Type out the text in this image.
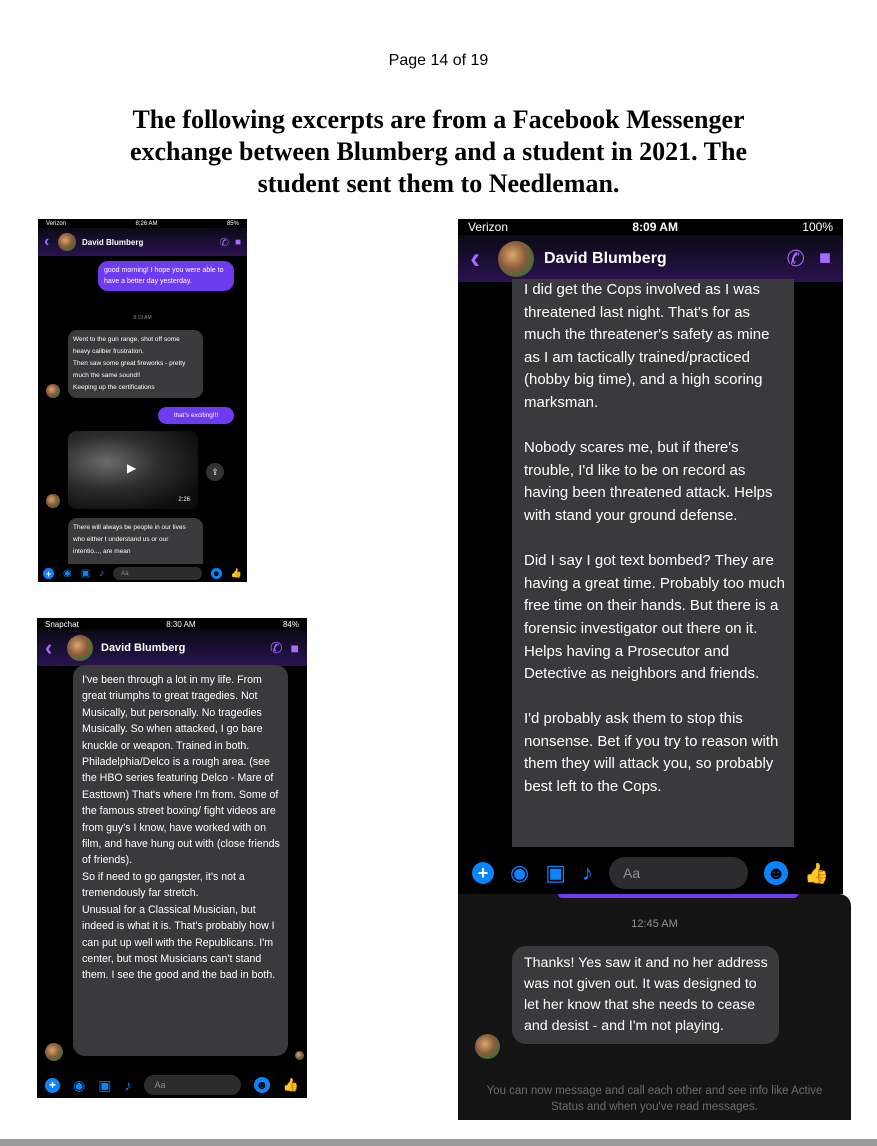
Page 14 of 19
The following excerpts are from a Facebook Messenger exchange between Blumberg and a student in 2021. The student sent them to Needleman.
Verizon	8:26 AM	85%
‹	David Blumberg	✆ ■
good morning! I hope you were able to have a better day yesterday.
8:19 AM
Went to the gun range, shot off some heavy caliber frustration.
Then saw some great fireworks - pretty much the same sound!!
Keeping up the certifications
that's exciting!!!
▶
2:26
⇪
There will always be people in our lives who either t understand us or our intentio..., are mean
+ ◉ ▣ ♪	Aa	☻ 👍
Verizon	8:09 AM	100%
‹	David Blumberg	✆ ■
I did get the Cops involved as I was threatened last night. That's for as much the threatener's safety as mine as I am tactically trained/practiced (hobby big time), and a high scoring marksman.

Nobody scares me, but if there's trouble, I'd like to be on record as having been threatened attack. Helps with stand your ground defense.

Did I say I got text bombed? They are having a great time. Probably too much free time on their hands. But there is a forensic investigator out there on it. Helps having a Prosecutor and Detective as neighbors and friends.

I'd probably ask them to stop this nonsense. Bet if you try to reason with them they will attack you, so probably best left to the Cops.
+ ◉ ▣ ♪ Aa	☻ 👍
Snapchat	8:30 AM	84%
‹	David Blumberg	✆ ■
I've been through a lot in my life. From great triumphs to great tragedies. Not Musically, but personally. No tragedies Musically. So when attacked, I go bare knuckle or weapon. Trained in both. Philadelphia/Delco is a rough area. (see the HBO series featuring Delco - Mare of Easttown) That's where I'm from. Some of the famous street boxing/ fight videos are from guy's I know, have worked with on film, and have hung out with (close friends of friends).
So if need to go gangster, it's not a tremendously far stretch.
Unusual for a Classical Musician, but indeed is what it is. That's probably how I can put up well with the Republicans. I'm center, but most Musicians can't stand them. I see the good and the bad in both.
+ ◉ ▣ ♪	Aa	☻ 👍
12:45 AM
Thanks! Yes saw it and no her address was not given out. It was designed to let her know that she needs to cease and desist - and I'm not playing.
You can now message and call each other and see info like Active Status and when you've read messages.
